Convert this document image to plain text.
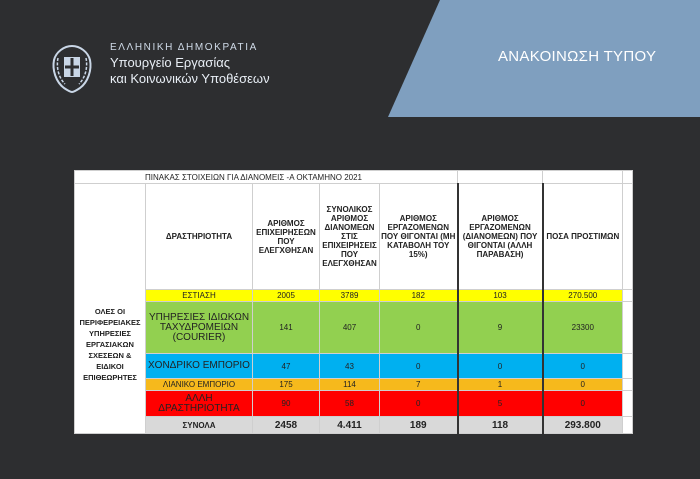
ΑΝΑΚΟΙΝΩΣΗ ΤΥΠΟΥ
ΕΛΛΗΝΙΚΗ ΔΗΜΟΚΡΑΤΙΑ
Υπουργείο Εργασίας
και Κοινωνικών Υποθέσεων
ΠΙΝΑΚΑΣ ΣΤΟΙΧΕΙΩΝ ΓΙΑ ΔΙΑΝΟΜΕΙΣ -Α ΟΚΤΑΜΗΝΟ 2021							
ΟΛΕΣ ΟΙ ΠΕΡΙΦΕΡΕΙΑΚΕΣ ΥΠΗΡΕΣΙΕΣ ΕΡΓΑΣΙΑΚΩΝ ΣΧΕΣΕΩΝ & ΕΙΔΙΚΟΙ ΕΠΙΘΕΩΡΗΤΕΣ	ΔΡΑΣΤΗΡΙΟΤΗΤΑ	ΑΡΙΘΜΟΣ ΕΠΙΧΕΙΡΗΣΕΩΝ ΠΟΥ ΕΛΕΓΧΘΗΣΑΝ	ΣΥΝΟΛΙΚΟΣ ΑΡΙΘΜΟΣ ΔΙΑΝΟΜΕΩΝ ΣΤΙΣ ΕΠΙΧΕΙΡΗΣΕΙΣ ΠΟΥ ΕΛΕΓΧΘΗΣΑΝ	ΑΡΙΘΜΟΣ ΕΡΓΑΖΟΜΕΝΩΝ ΠΟΥ ΘΙΓΟΝΤΑΙ (ΜΗ ΚΑΤΑΒΟΛΗ ΤΟΥ 15%)	ΑΡΙΘΜΟΣ ΕΡΓΑΖΟΜΕΝΩΝ (ΔΙΑΝΟΜΕΩΝ) ΠΟΥ ΘΙΓΟΝΤΑΙ (ΑΛΛΗ ΠΑΡΑΒΑΣΗ)	ΠΟΣΑ ΠΡΟΣΤΙΜΩΝ	
	ΕΣΤΙΑΣΗ	2005	3789	182	103	270.500	
	ΥΠΗΡΕΣΙΕΣ ΙΔΙΩΚΩΝ ΤΑΧΥΔΡΟΜΕΙΩΝ (COURIER)	141	407	0	9	23300	
	ΧΟΝΔΡΙΚΟ ΕΜΠΟΡΙΟ	47	43	0	0	0	
	ΛΙΑΝΙΚΟ ΕΜΠΟΡΙΟ	175	114	7	1	0	
	ΑΛΛΗ ΔΡΑΣΤΗΡΙΟΤΗΤΑ	90	58	0	5	0	
	ΣΥΝΟΛΑ	2458	4.411	189	118	293.800	
